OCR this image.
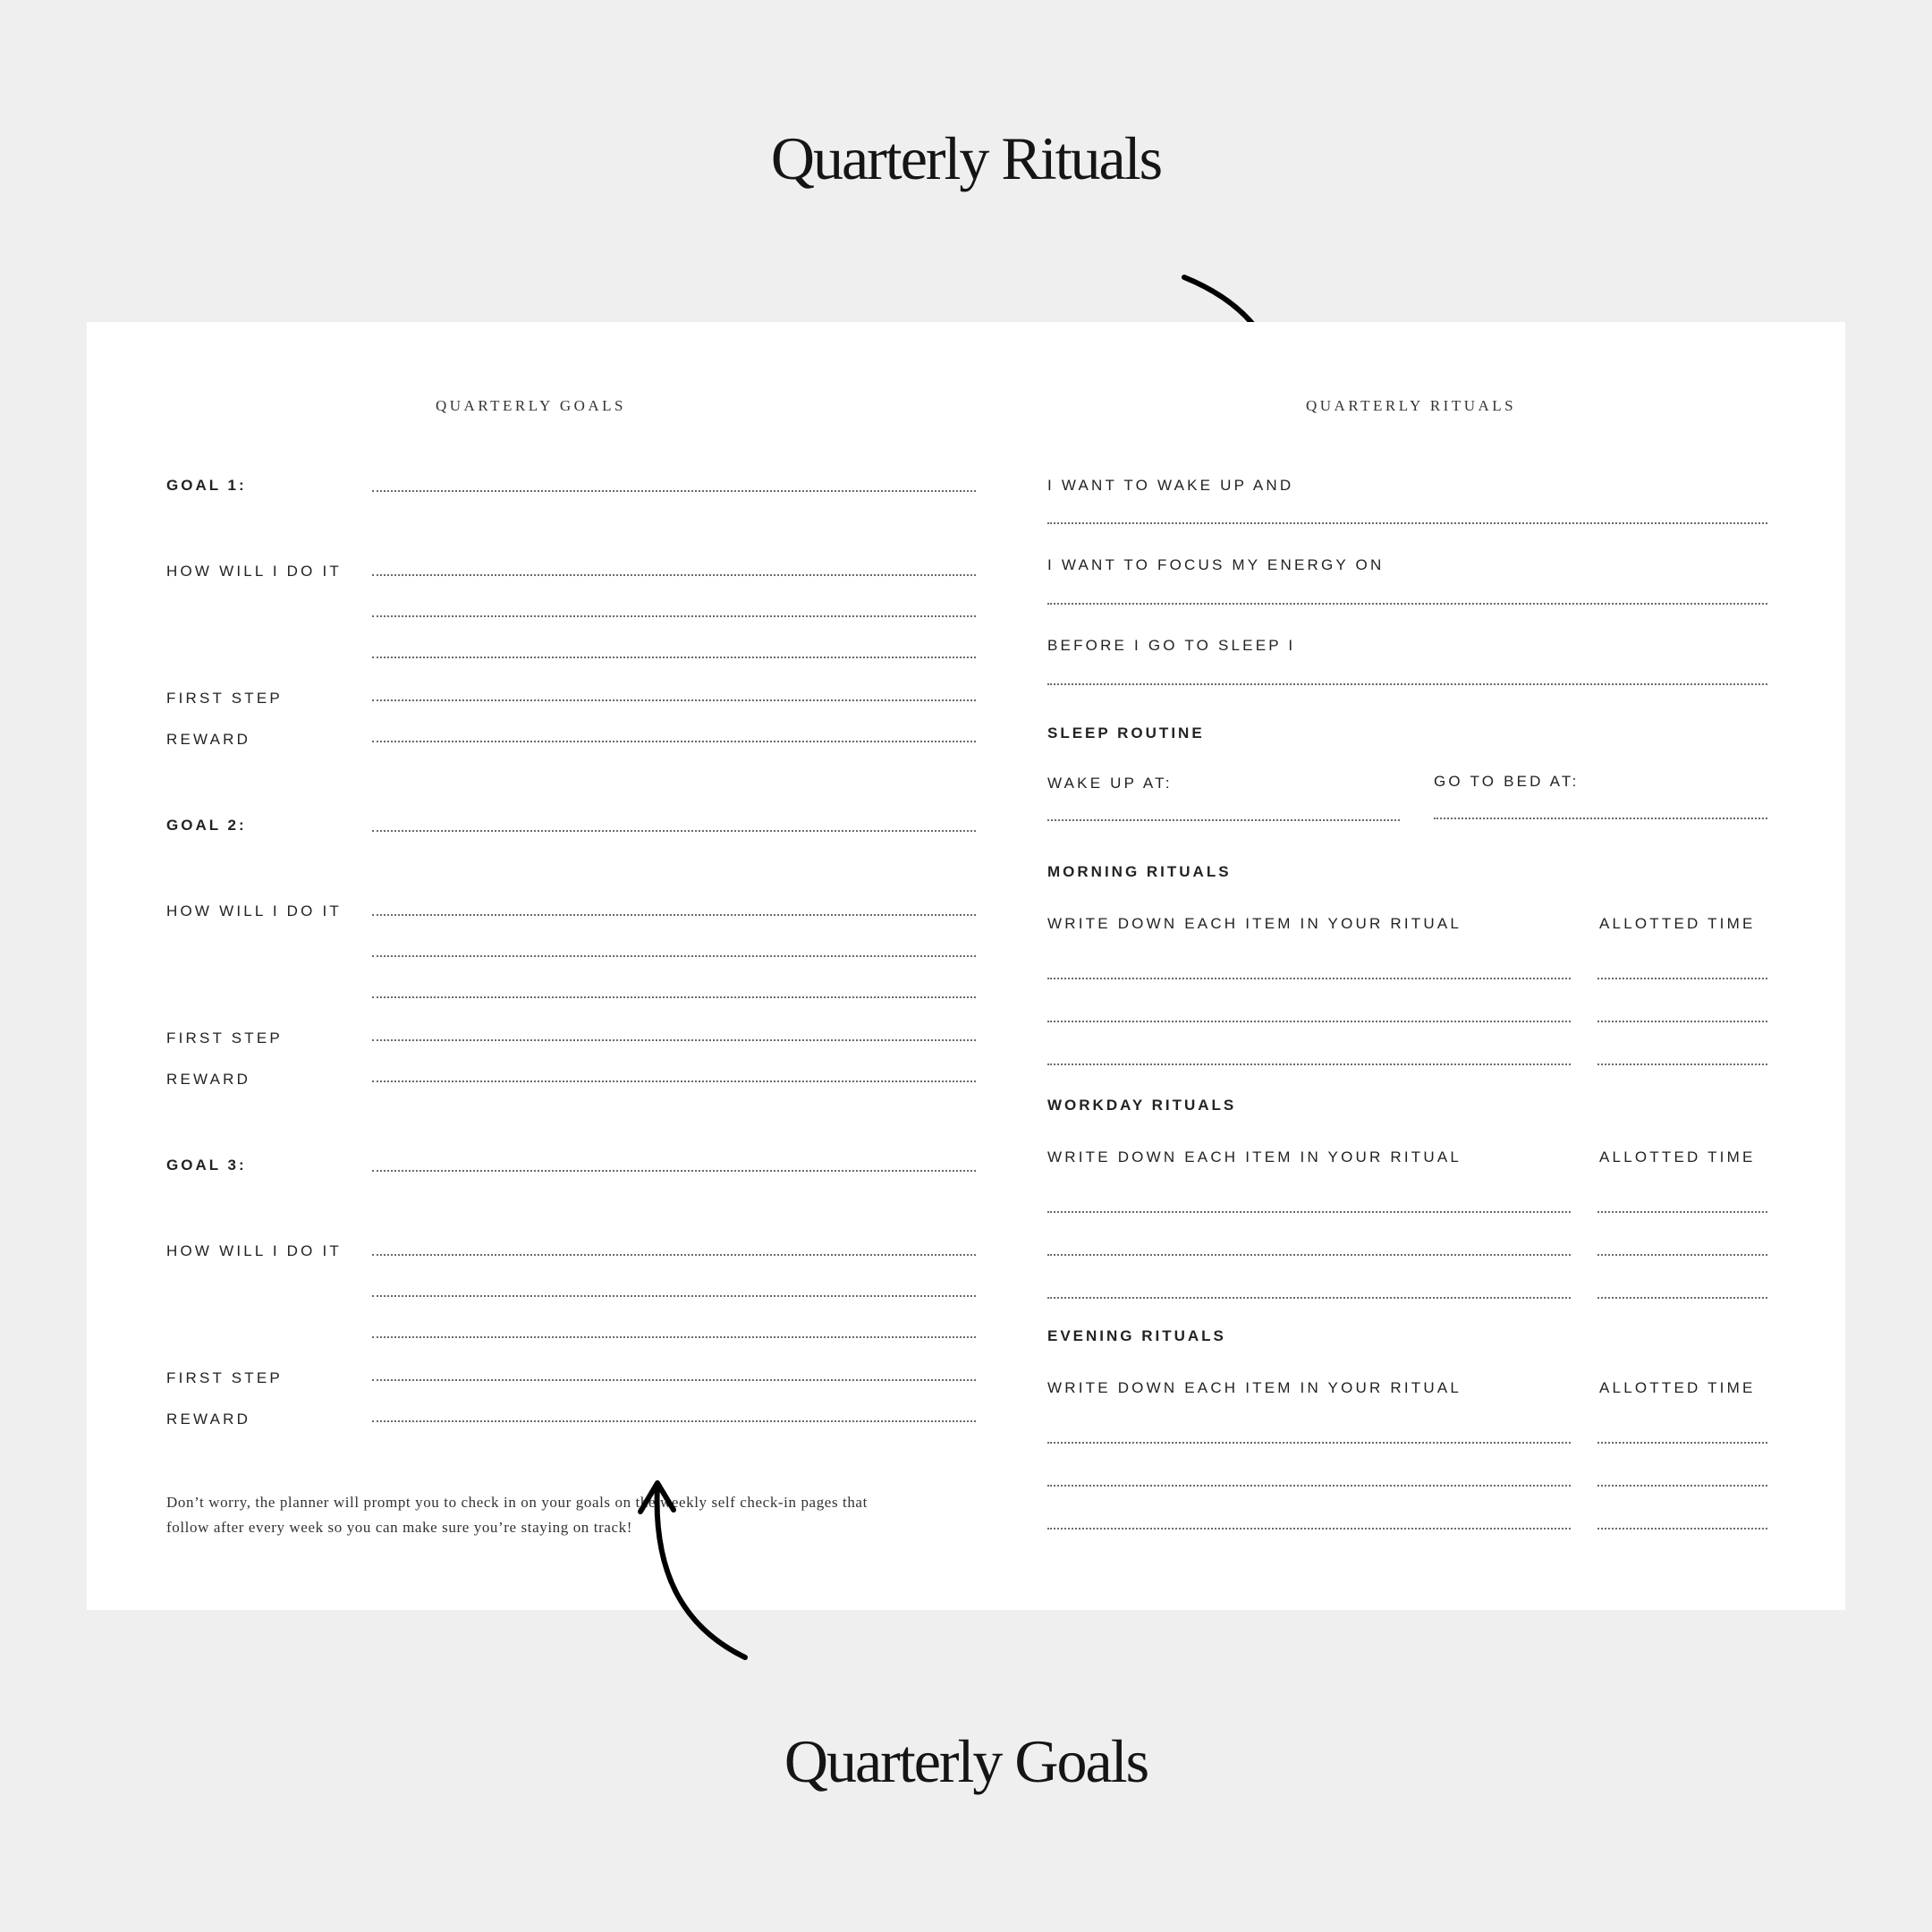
Quarterly Rituals
QUARTERLY GOALS
GOAL 1:
HOW WILL I DO IT
FIRST STEP
REWARD
GOAL 2:
HOW WILL I DO IT
FIRST STEP
REWARD
GOAL 3:
HOW WILL I DO IT
FIRST STEP
REWARD
Don’t worry, the planner will prompt you to check in on your goals on the weekly self check-in pages that follow after every week so you can make sure you’re staying on track!
QUARTERLY RITUALS
I WANT TO WAKE UP AND
I WANT TO FOCUS MY ENERGY ON
BEFORE I GO TO SLEEP I
SLEEP ROUTINE
WAKE UP AT:	GO TO BED AT:
MORNING RITUALS
WRITE DOWN EACH ITEM IN YOUR RITUAL	ALLOTTED TIME
WORKDAY RITUALS
WRITE DOWN EACH ITEM IN YOUR RITUAL	ALLOTTED TIME
EVENING RITUALS
WRITE DOWN EACH ITEM IN YOUR RITUAL	ALLOTTED TIME
Quarterly Goals
